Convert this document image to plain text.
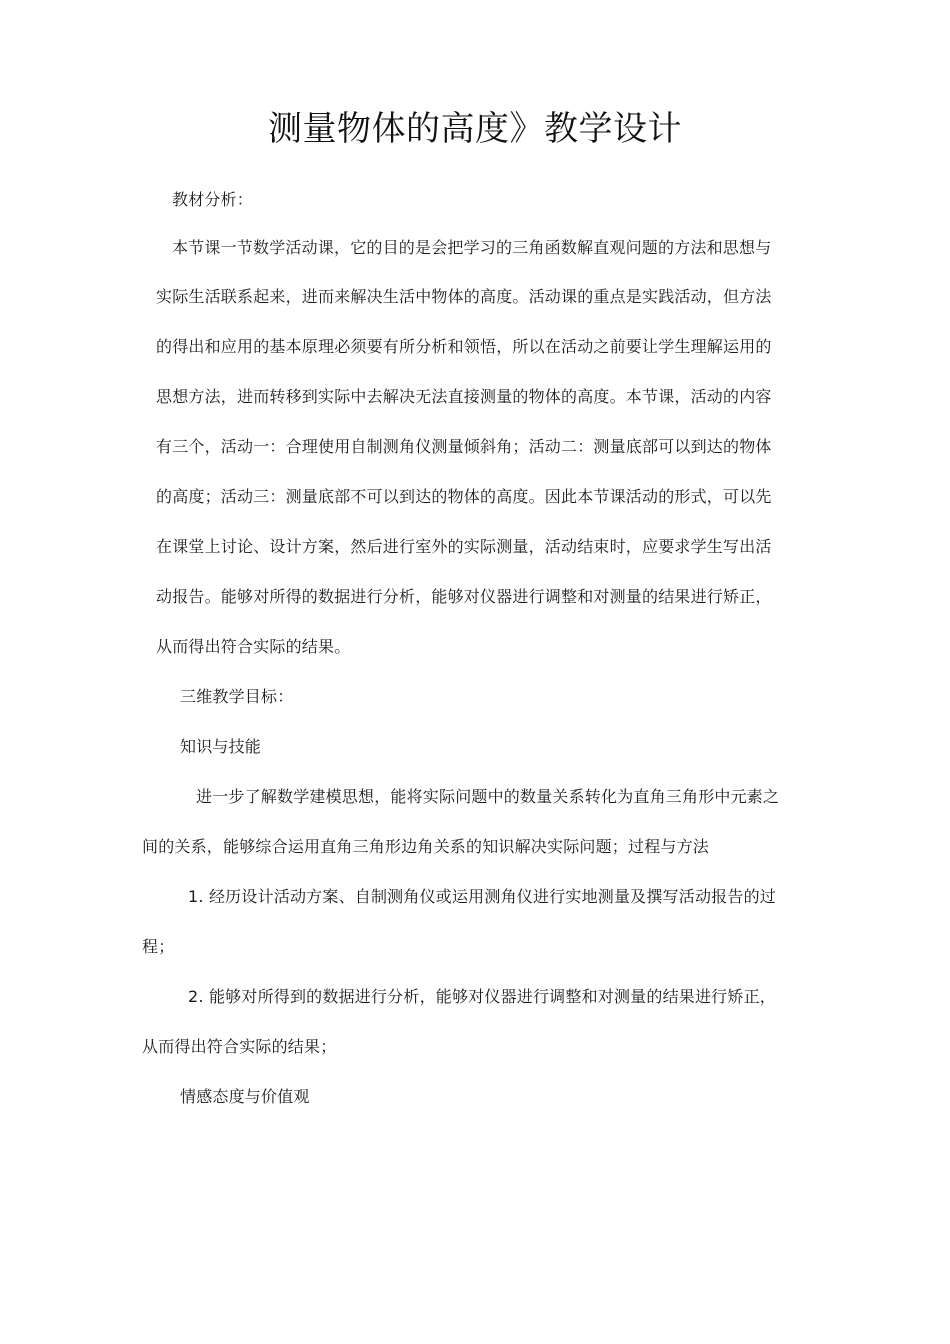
测量物体的高度》教学设计

教材分析：

本节课一节数学活动课，它的目的是会把学习的三角函数解直观问题的方法和思想与

实际生活联系起来，进而来解决生活中物体的高度。活动课的重点是实践活动，但方法

的得出和应用的基本原理必须要有所分析和领悟，所以在活动之前要让学生理解运用的

思想方法，进而转移到实际中去解决无法直接测量的物体的高度。本节课，活动的内容

有三个，活动一：合理使用自制测角仪测量倾斜角；活动二：测量底部可以到达的物体

的高度；活动三：测量底部不可以到达的物体的高度。因此本节课活动的形式，可以先

在课堂上讨论、设计方案，然后进行室外的实际测量，活动结束时，应要求学生写出活

动报告。能够对所得的数据进行分析，能够对仪器进行调整和对测量的结果进行矫正，

从而得出符合实际的结果。

三维教学目标：

知识与技能

进一步了解数学建模思想，能将实际问题中的数量关系转化为直角三角形中元素之

间的关系，能够综合运用直角三角形边角关系的知识解决实际问题；过程与方法

1. 经历设计活动方案、自制测角仪或运用测角仪进行实地测量及撰写活动报告的过

程；

2. 能够对所得到的数据进行分析，能够对仪器进行调整和对测量的结果进行矫正，

从而得出符合实际的结果；

情感态度与价值观
